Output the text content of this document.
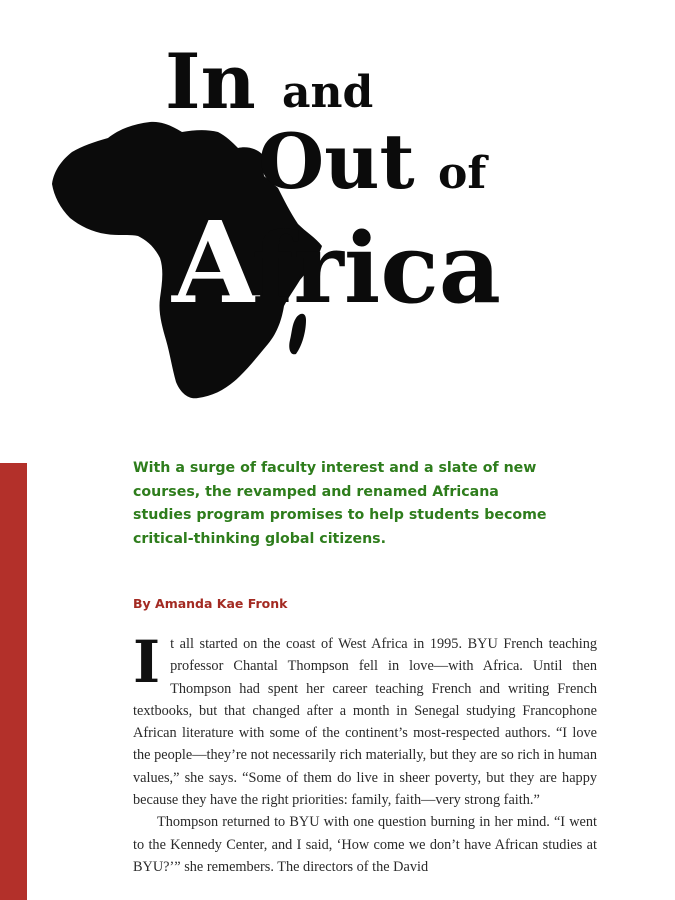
In and
Out of
A
frica

With a surge of faculty interest and a slate of new courses, the revamped and renamed Africana studies program promises to help students become critical-thinking global citizens.

By Amanda Kae Fronk

It all started on the coast of West Africa in 1995. BYU French teaching professor Chantal Thompson fell in love—with Africa. Until then Thompson had spent her career teaching French and writing French textbooks, but that changed after a month in Senegal studying Francophone African literature with some of the continent’s most-respected authors. “I love the people—they’re not necessarily rich materially, but they are so rich in human values,” she says. “Some of them do live in sheer poverty, but they are happy because they have the right priorities: family, faith—very strong faith.”

Thompson returned to BYU with one question burning in her mind. “I went to the Kennedy Center, and I said, ‘How come we don’t have African studies at BYU?’” she remembers. The directors of the David
